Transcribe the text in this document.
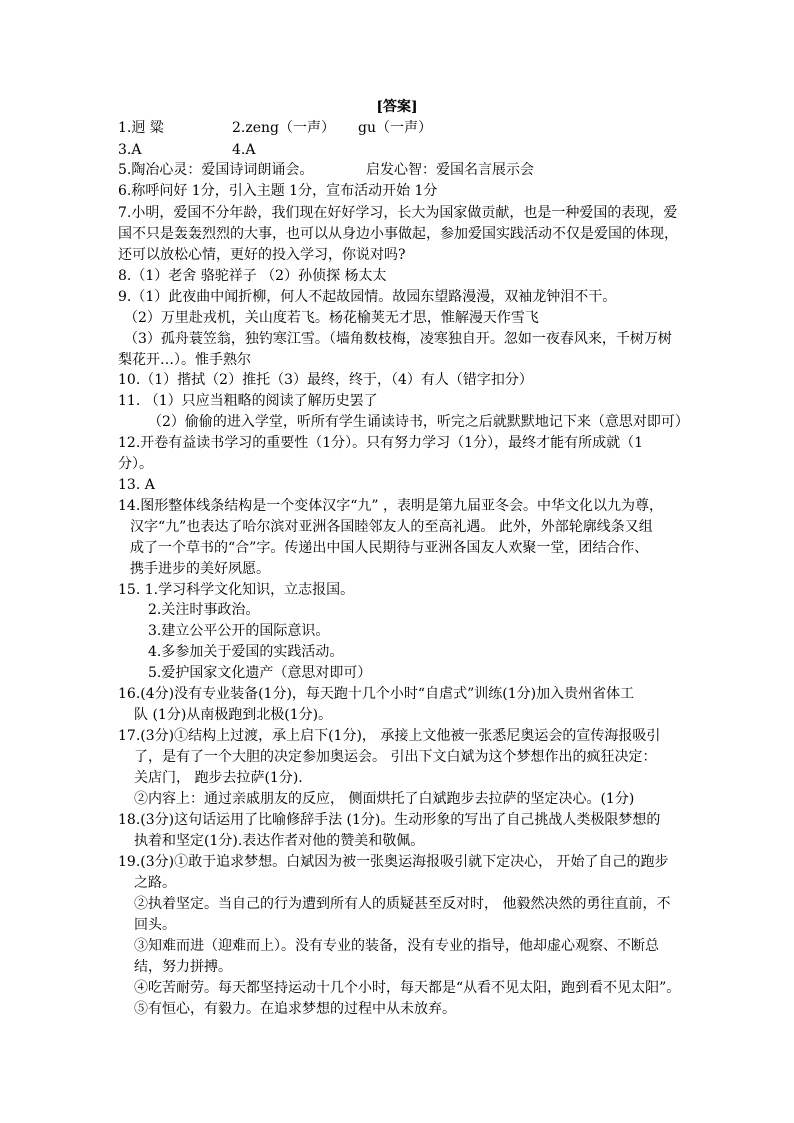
[答案]
1.迥 粱	2.zeng（一声） gu（一声）
3.A	4.A
5.陶冶心灵：爱国诗词朗诵会。	启发心智：爱国名言展示会
6.称呼问好 1分，引入主题 1分，宣布活动开始 1分
7.小明，爱国不分年龄，我们现在好好学习，长大为国家做贡献，也是一种爱国的表现，爱
国不只是轰轰烈烈的大事，也可以从身边小事做起，参加爱国实践活动不仅是爱国的体现，
还可以放松心情，更好的投入学习，你说对吗?
8.（1）老舍 骆驼祥子 （2）孙侦探 杨太太
9.（1）此夜曲中闻折柳，何人不起故园情。故园东望路漫漫，双袖龙钟泪不干。
（2）万里赴戎机，关山度若飞。杨花榆荚无才思，惟解漫天作雪飞
（3）孤舟蓑笠翁，独钓寒江雪。（墙角数枝梅，凌寒独自开。忽如一夜春风来，千树万树
梨花开…）。惟手熟尔
10.（1）揩拭（2）推托（3）最终，终于，（4）有人（错字扣分）
11. （1）只应当粗略的阅读了解历史罢了
（2）偷偷的进入学堂，听所有学生诵读诗书，听完之后就默默地记下来（意思对即可）
12.开卷有益读书学习的重要性（1分）。只有努力学习（1分），最终才能有所成就（1
分）。
13. A
14.图形整体线条结构是一个变体汉字“九” ，表明是第九届亚冬会。中华文化以九为尊，
汉字“九”也表达了哈尔滨对亚洲各国睦邻友人的至高礼遇。 此外，外部轮廓线条又组
成了一个草书的“合”字。传递出中国人民期待与亚洲各国友人欢聚一堂，团结合作、
携手进步的美好夙愿。
15. 1.学习科学文化知识，立志报国。
2.关注时事政治。
3.建立公平公开的国际意识。
4.多参加关于爱国的实践活动。
5.爱护国家文化遗产（意思对即可）
16.(4分)没有专业装备(1分)，每天跑十几个小时“自虐式”训练(1分)加入贵州省体工
队 (1分)从南极跑到北极(1分)。
17.(3分)①结构上过渡，承上启下(1分)， 承接上文他被一张悉尼奥运会的宣传海报吸引
了，是有了一个大胆的决定参加奥运会。 引出下文白斌为这个梦想作出的疯狂决定：
关店门， 跑步去拉萨(1分).
②内容上：通过亲戚朋友的反应， 侧面烘托了白斌跑步去拉萨的坚定决心。(1分)
18.(3分)这句话运用了比喻修辞手法 (1分)。生动形象的写出了自己挑战人类极限梦想的
执着和坚定(1分).表达作者对他的赞美和敬佩。
19.(3分)①敢于追求梦想。白斌因为被一张奥运海报吸引就下定决心， 开始了自己的跑步
之路。
②执着坚定。当自己的行为遭到所有人的质疑甚至反对时， 他毅然决然的勇往直前，不
回头。
③知难而进（迎难而上）。没有专业的装备，没有专业的指导，他却虚心观察、不断总
结，努力拼搏。
④吃苦耐劳。每天都坚持运动十几个小时，每天都是“从看不见太阳，跑到看不见太阳”。
⑤有恒心，有毅力。在追求梦想的过程中从未放弃。
